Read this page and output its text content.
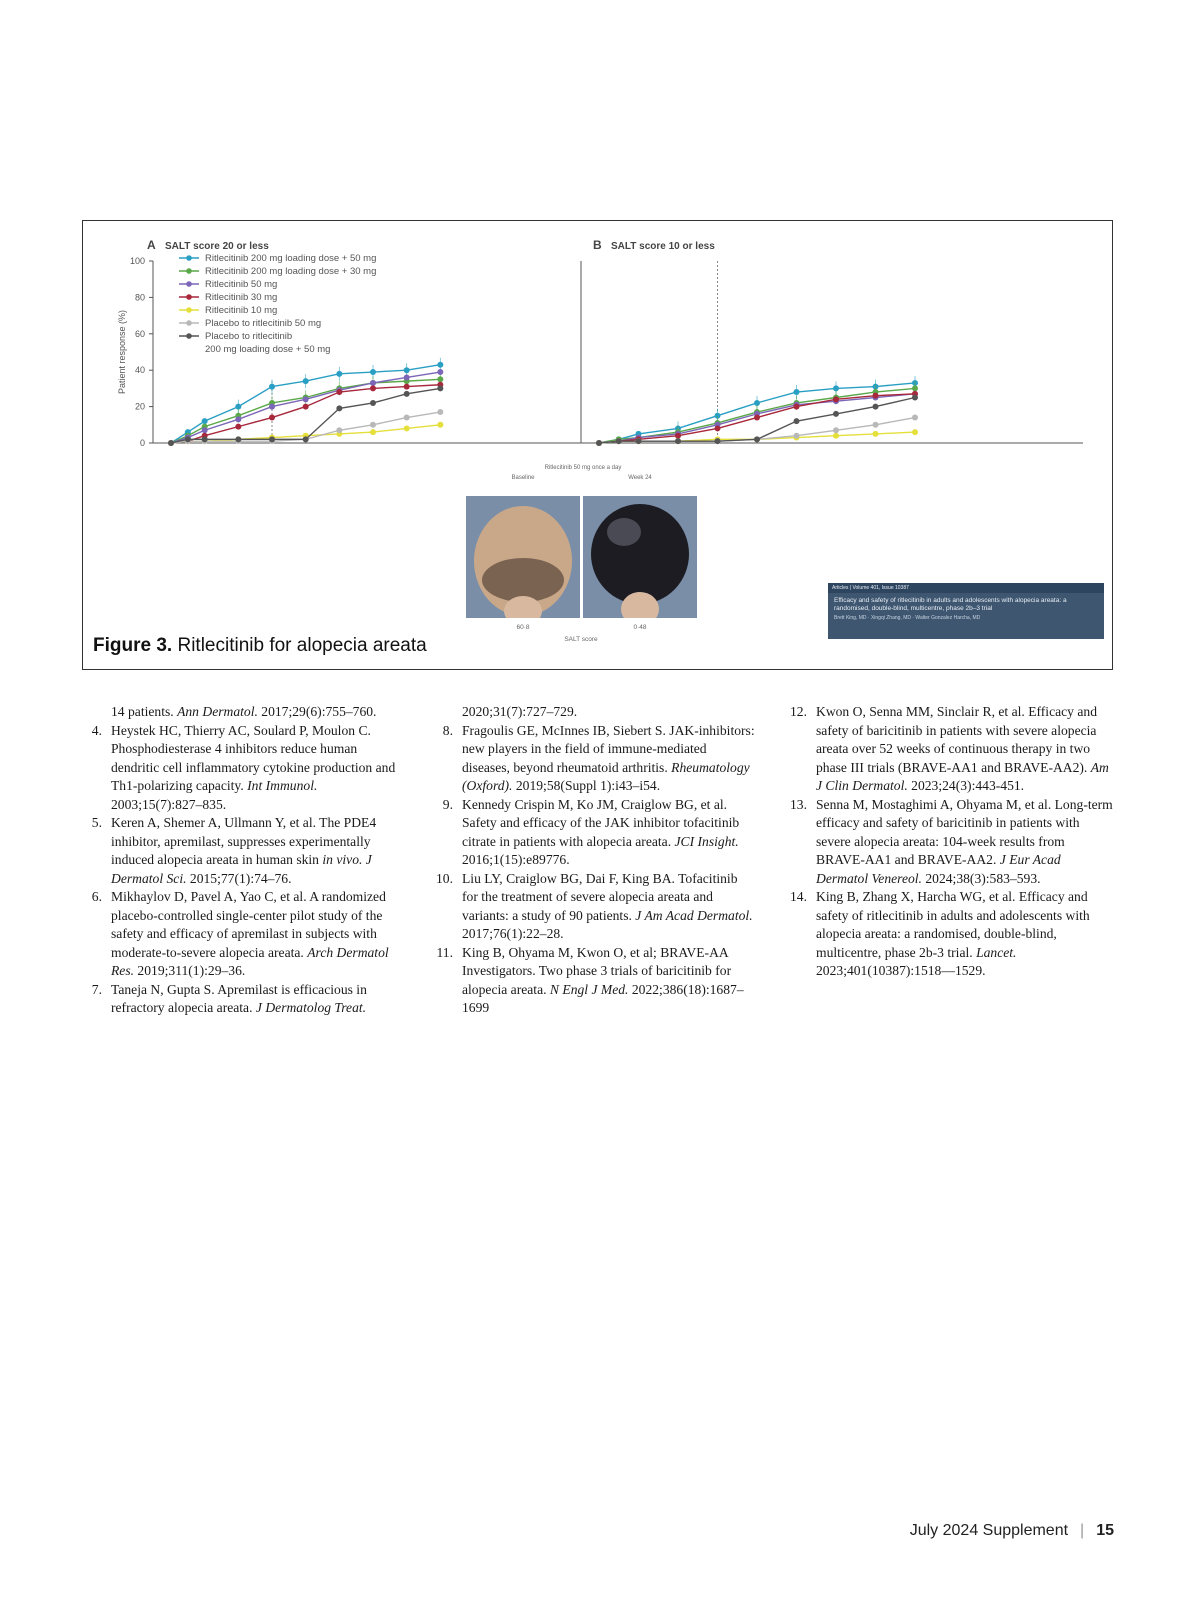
A SALT score 20 or less
0
20
40
60
80
100
Patient response (%)
Ritlecitinib 200 mg loading dose + 50 mg
Ritlecitinib 200 mg loading dose + 30 mg
Ritlecitinib 50 mg
Ritlecitinib 30 mg
Ritlecitinib 10 mg
Placebo to ritlecitinib 50 mg
Placebo to ritlecitinib
200 mg loading dose + 50 mg
B SALT score 10 or less
Ritlecitinib 50 mg once a day
Baseline	Week 24
60·8	0·48
SALT score
Articles | Volume 401, Issue 10387
Efficacy and safety of ritlecitinib in adults and adolescents with alopecia areata: a randomised, double-blind, multicentre, phase 2b–3 trial
Brett King, MD · Xingqi Zhang, MD · Walter Gonzalez Harcha, MD
Figure 3. Ritlecitinib for alopecia areata
14 patients. Ann Dermatol. 2017;29(6):755–760.
4. Heystek HC, Thierry AC, Soulard P, Moulon C. Phosphodiesterase 4 inhibitors reduce human dendritic cell inflammatory cytokine production and Th1-polarizing capacity. Int Immunol. 2003;15(7):827–835.
5. Keren A, Shemer A, Ullmann Y, et al. The PDE4 inhibitor, apremilast, suppresses experimentally induced alopecia areata in human skin in vivo. J Dermatol Sci. 2015;77(1):74–76.
6. Mikhaylov D, Pavel A, Yao C, et al. A randomized placebo-controlled single-center pilot study of the safety and efficacy of apremilast in subjects with moderate-to-severe alopecia areata. Arch Dermatol Res. 2019;311(1):29–36.
7. Taneja N, Gupta S. Apremilast is efficacious in refractory alopecia areata. J Dermatolog Treat.
2020;31(7):727–729.
8. Fragoulis GE, McInnes IB, Siebert S. JAK-inhibitors: new players in the field of immune-mediated diseases, beyond rheumatoid arthritis. Rheumatology (Oxford). 2019;58(Suppl 1):i43–i54.
9. Kennedy Crispin M, Ko JM, Craiglow BG, et al. Safety and efficacy of the JAK inhibitor tofacitinib citrate in patients with alopecia areata. JCI Insight. 2016;1(15):e89776.
10. Liu LY, Craiglow BG, Dai F, King BA. Tofacitinib for the treatment of severe alopecia areata and variants: a study of 90 patients. J Am Acad Dermatol. 2017;76(1):22–28.
11. King B, Ohyama M, Kwon O, et al; BRAVE-AA Investigators. Two phase 3 trials of baricitinib for alopecia areata. N Engl J Med. 2022;386(18):1687–1699
12. Kwon O, Senna MM, Sinclair R, et al. Efficacy and safety of baricitinib in patients with severe alopecia areata over 52 weeks of continuous therapy in two phase III trials (BRAVE-AA1 and BRAVE-AA2). Am J Clin Dermatol. 2023;24(3):443-451.
13. Senna M, Mostaghimi A, Ohyama M, et al. Long-term efficacy and safety of baricitinib in patients with severe alopecia areata: 104-week results from BRAVE-AA1 and BRAVE-AA2. J Eur Acad Dermatol Venereol. 2024;38(3):583–593.
14. King B, Zhang X, Harcha WG, et al. Efficacy and safety of ritlecitinib in adults and adolescents with alopecia areata: a randomised, double-blind, multicentre, phase 2b-3 trial. Lancet. 2023;401(10387):1518—1529.
July 2024 Supplement | 15
